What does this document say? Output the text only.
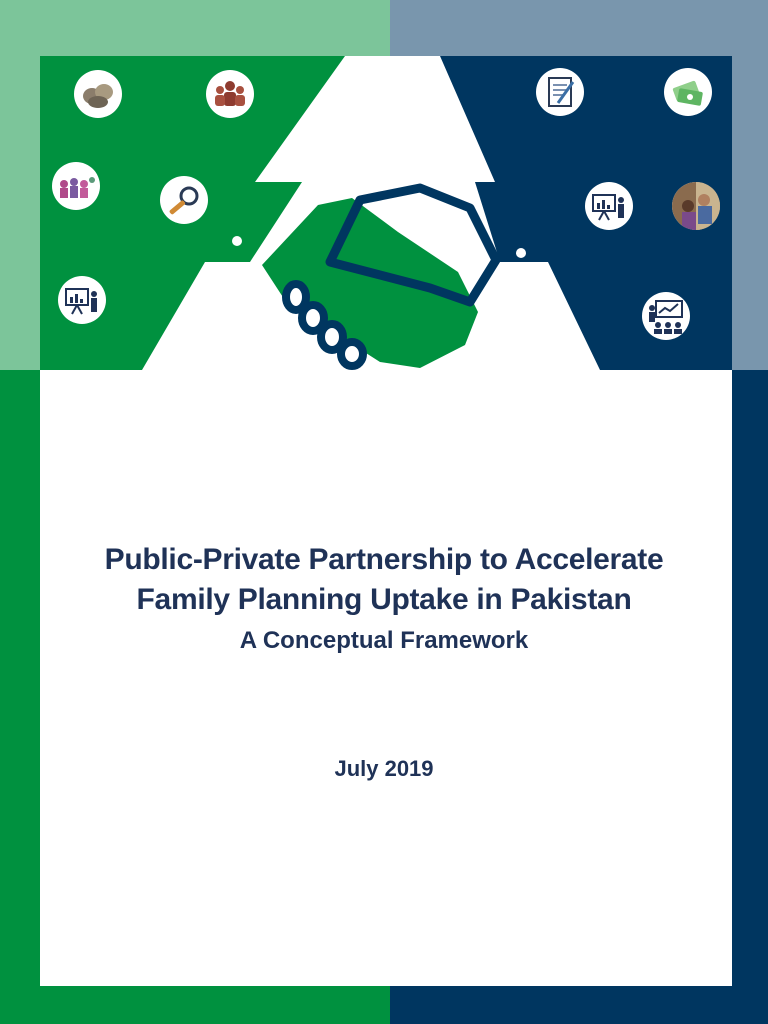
Public-Private Partnership to Accelerate
Family Planning Uptake in Pakistan
A Conceptual Framework
July 2019
